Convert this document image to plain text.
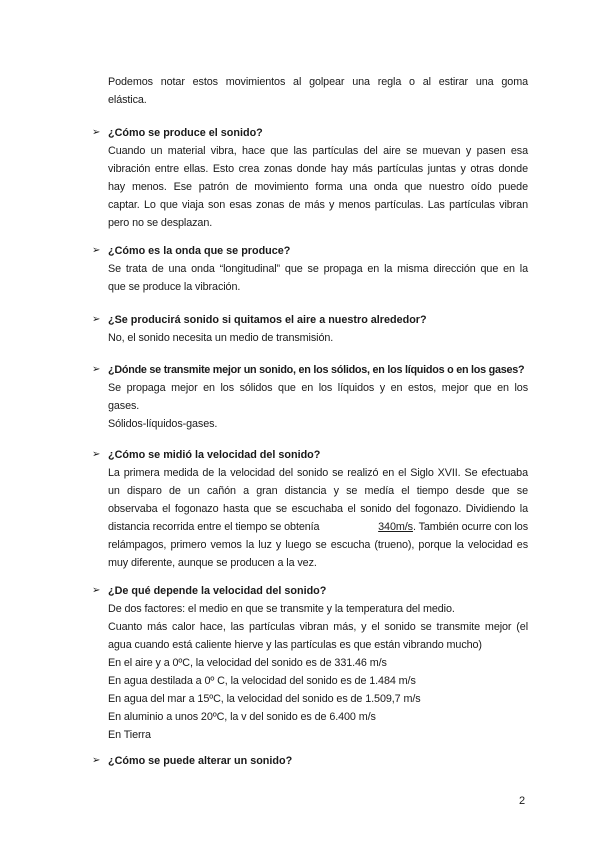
Podemos notar estos movimientos al golpear una regla o al estirar una goma
elástica.
➢ ¿Cómo se produce el sonido?
Cuando un material vibra, hace que las partículas del aire se muevan y pasen esa
vibración entre ellas. Esto crea zonas donde hay más partículas juntas y otras donde
hay menos. Ese patrón de movimiento forma una onda que nuestro oído puede
captar. Lo que viaja son esas zonas de más y menos partículas. Las partículas vibran
pero no se desplazan.
➢ ¿Cómo es la onda que se produce?
Se trata de una onda “longitudinal” que se propaga en la misma dirección que en la
que se produce la vibración.
➢ ¿Se producirá sonido si quitamos el aire a nuestro alrededor?
No, el sonido necesita un medio de transmisión.
➢ ¿Dónde se transmite mejor un sonido, en los sólidos, en los líquidos o en los gases?
Se propaga mejor en los sólidos que en los líquidos y en estos, mejor que en los
gases.
Sólidos-líquidos-gases.
➢ ¿Cómo se midió la velocidad del sonido?
La primera medida de la velocidad del sonido se realizó en el Siglo XVII. Se efectuaba
un disparo de un cañón a gran distancia y se medía el tiempo desde que se
observaba el fogonazo hasta que se escuchaba el sonido del fogonazo. Dividiendo la
distancia recorrida entre el tiempo se obtenía	340m/s. También ocurre con los
relámpagos, primero vemos la luz y luego se escucha (trueno), porque la velocidad es
muy diferente, aunque se producen a la vez.
➢ ¿De qué depende la velocidad del sonido?
De dos factores: el medio en que se transmite y la temperatura del medio.
Cuanto más calor hace, las partículas vibran más, y el sonido se transmite mejor (el
agua cuando está caliente hierve y las partículas es que están vibrando mucho)
En el aire y a 0ºC, la velocidad del sonido es de 331.46 m/s
En agua destilada a 0º C, la velocidad del sonido es de 1.484 m/s
En agua del mar a 15ºC, la velocidad del sonido es de 1.509,7 m/s
En aluminio a unos 20ºC, la v del sonido es de 6.400 m/s
En Tierra
➢ ¿Cómo se puede alterar un sonido?
2
